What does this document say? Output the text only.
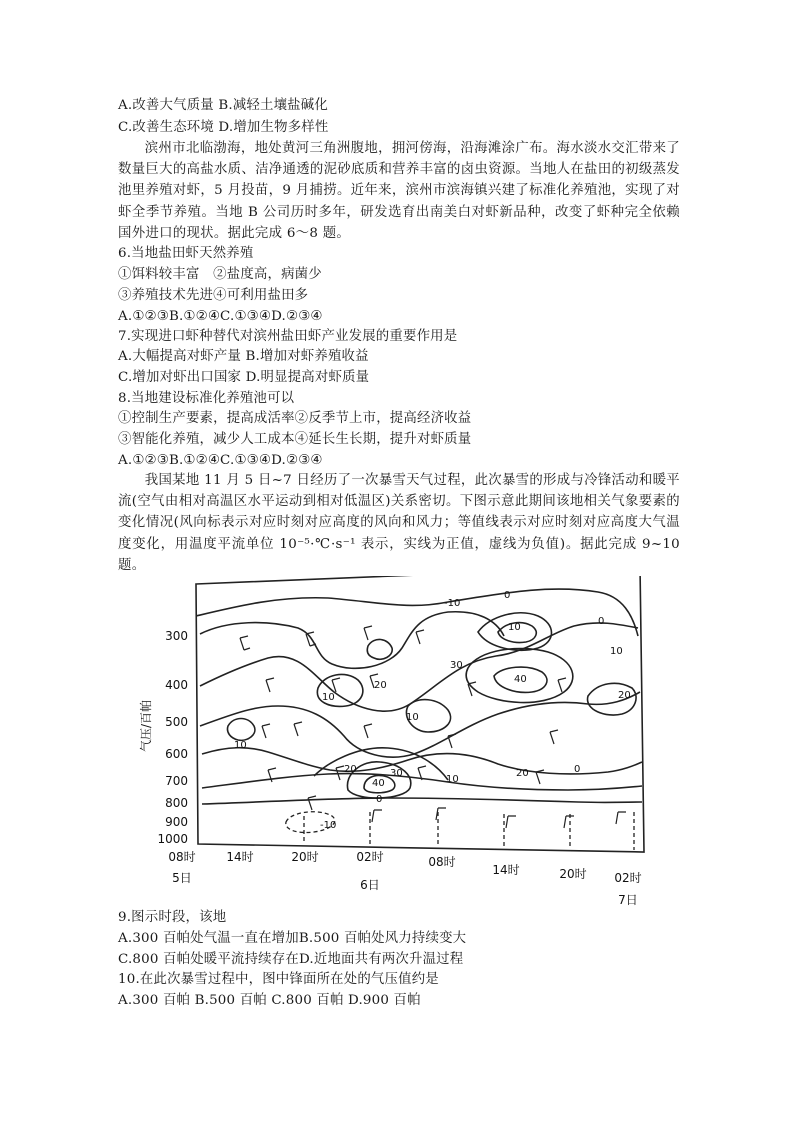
A.改善大气质量 B.减轻土壤盐碱化
C.改善生态环境 D.增加生物多样性
滨州市北临渤海，地处黄河三角洲腹地，拥河傍海，沿海滩涂广布。海水淡水交汇带来了数量巨大的高盐水质、洁净通透的泥砂底质和营养丰富的卤虫资源。当地人在盐田的初级蒸发池里养殖对虾，5 月投苗，9 月捕捞。近年来，滨州市滨海镇兴建了标准化养殖池，实现了对虾全季节养殖。当地 B 公司历时多年，研发选育出南美白对虾新品种，改变了虾种完全依赖国外进口的现状。据此完成 6～8 题。
6.当地盐田虾天然养殖
①饵料较丰富　②盐度高，病菌少
③养殖技术先进④可利用盐田多
A.①②③B.①②④C.①③④D.②③④
7.实现进口虾种替代对滨州盐田虾产业发展的重要作用是
A.大幅提高对虾产量 B.增加对虾养殖收益
C.增加对虾出口国家 D.明显提高对虾质量
8.当地建设标准化养殖池可以
①控制生产要素，提高成活率②反季节上市，提高经济收益
③智能化养殖，减少人工成本④延长生长期，提升对虾质量
A.①②③B.①②④C.①③④D.②③④
我国某地 11 月 5 日~7 日经历了一次暴雪天气过程，此次暴雪的形成与冷锋活动和暖平流(空气由相对高温区水平运动到相对低温区)关系密切。下图示意此期间该地相关气象要素的变化情况(风向标表示对应时刻对应高度的风向和风力；等值线表示对应时刻对应高度大气温度变化，用温度平流单位 10⁻⁵·℃·s⁻¹ 表示，实线为正值，虚线为负值)。据此完成 9~10 题。
气压/百帕
300
400
500
600
700
800
900
1000
08时	14时	20时	02时	08时
14时	20时 02时
5日	6日
7日
-10
0
10
0
10
20
30
40
10
20
10
10
20	30
40
0
10
20	0
-10
9.图示时段，该地
A.300 百帕处气温一直在增加B.500 百帕处风力持续变大
C.800 百帕处暖平流持续存在D.近地面共有两次升温过程
10.在此次暴雪过程中，图中锋面所在处的气压值约是
A.300 百帕 B.500 百帕 C.800 百帕 D.900 百帕
